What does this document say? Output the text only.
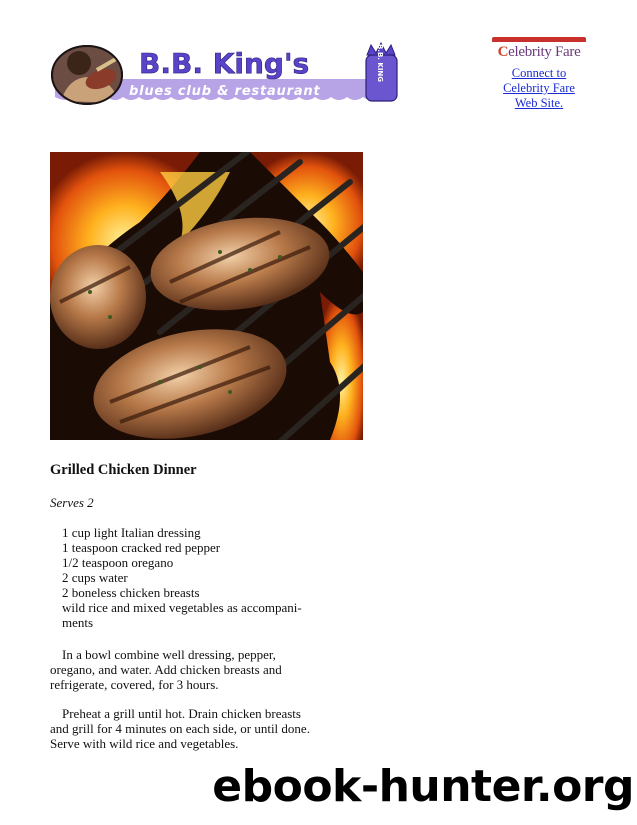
B.B. King's
blues club & restaurant
B.B. KING	Celebrity Fare
Connect to
Celebrity Fare
Web Site.
Grilled Chicken Dinner

Serves 2

1 cup light Italian dressing
1 teaspoon cracked red pepper
1/2 teaspoon oregano
2 cups water
2 boneless chicken breasts
wild rice and mixed vegetables as accompani-
ments

In a bowl combine well dressing, pepper, oregano, and water. Add chicken breasts and refrigerate, covered, for 3 hours.

Preheat a grill until hot. Drain chicken breasts and grill for 4 minutes on each side, or until done. Serve with wild rice and vegetables.

ebook-hunter.org
